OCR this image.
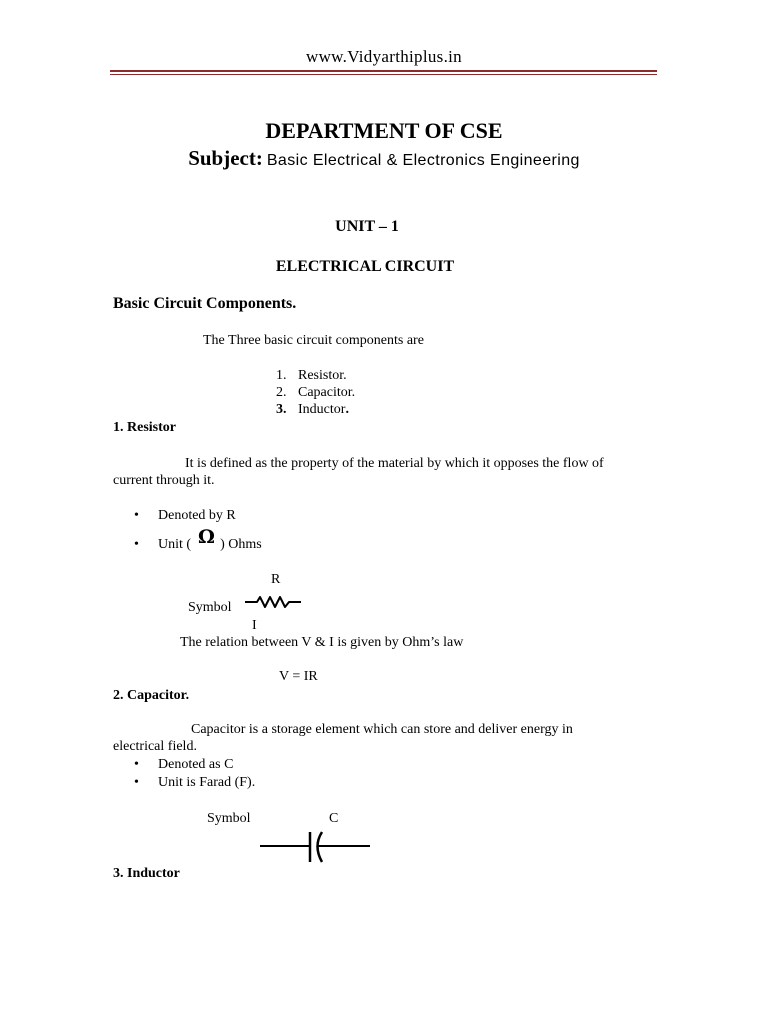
www.Vidyarthiplus.in
DEPARTMENT OF CSE
Subject: Basic Electrical & Electronics Engineering
UNIT – 1
ELECTRICAL CIRCUIT
Basic Circuit Components.
The Three basic circuit components are
1. Resistor.
2. Capacitor.
3. Inductor.
1. Resistor
It is defined as the property of the material by which it opposes the flow of
current through it.
• Denoted by R
• Unit ( ) Ohms
Ω
R
Symbol
I
The relation between V & I is given by Ohm’s law
V = IR
2. Capacitor.
Capacitor is a storage element which can store and deliver energy in
electrical field.
• Denoted as C
• Unit is Farad (F).
Symbol	C
3. Inductor
